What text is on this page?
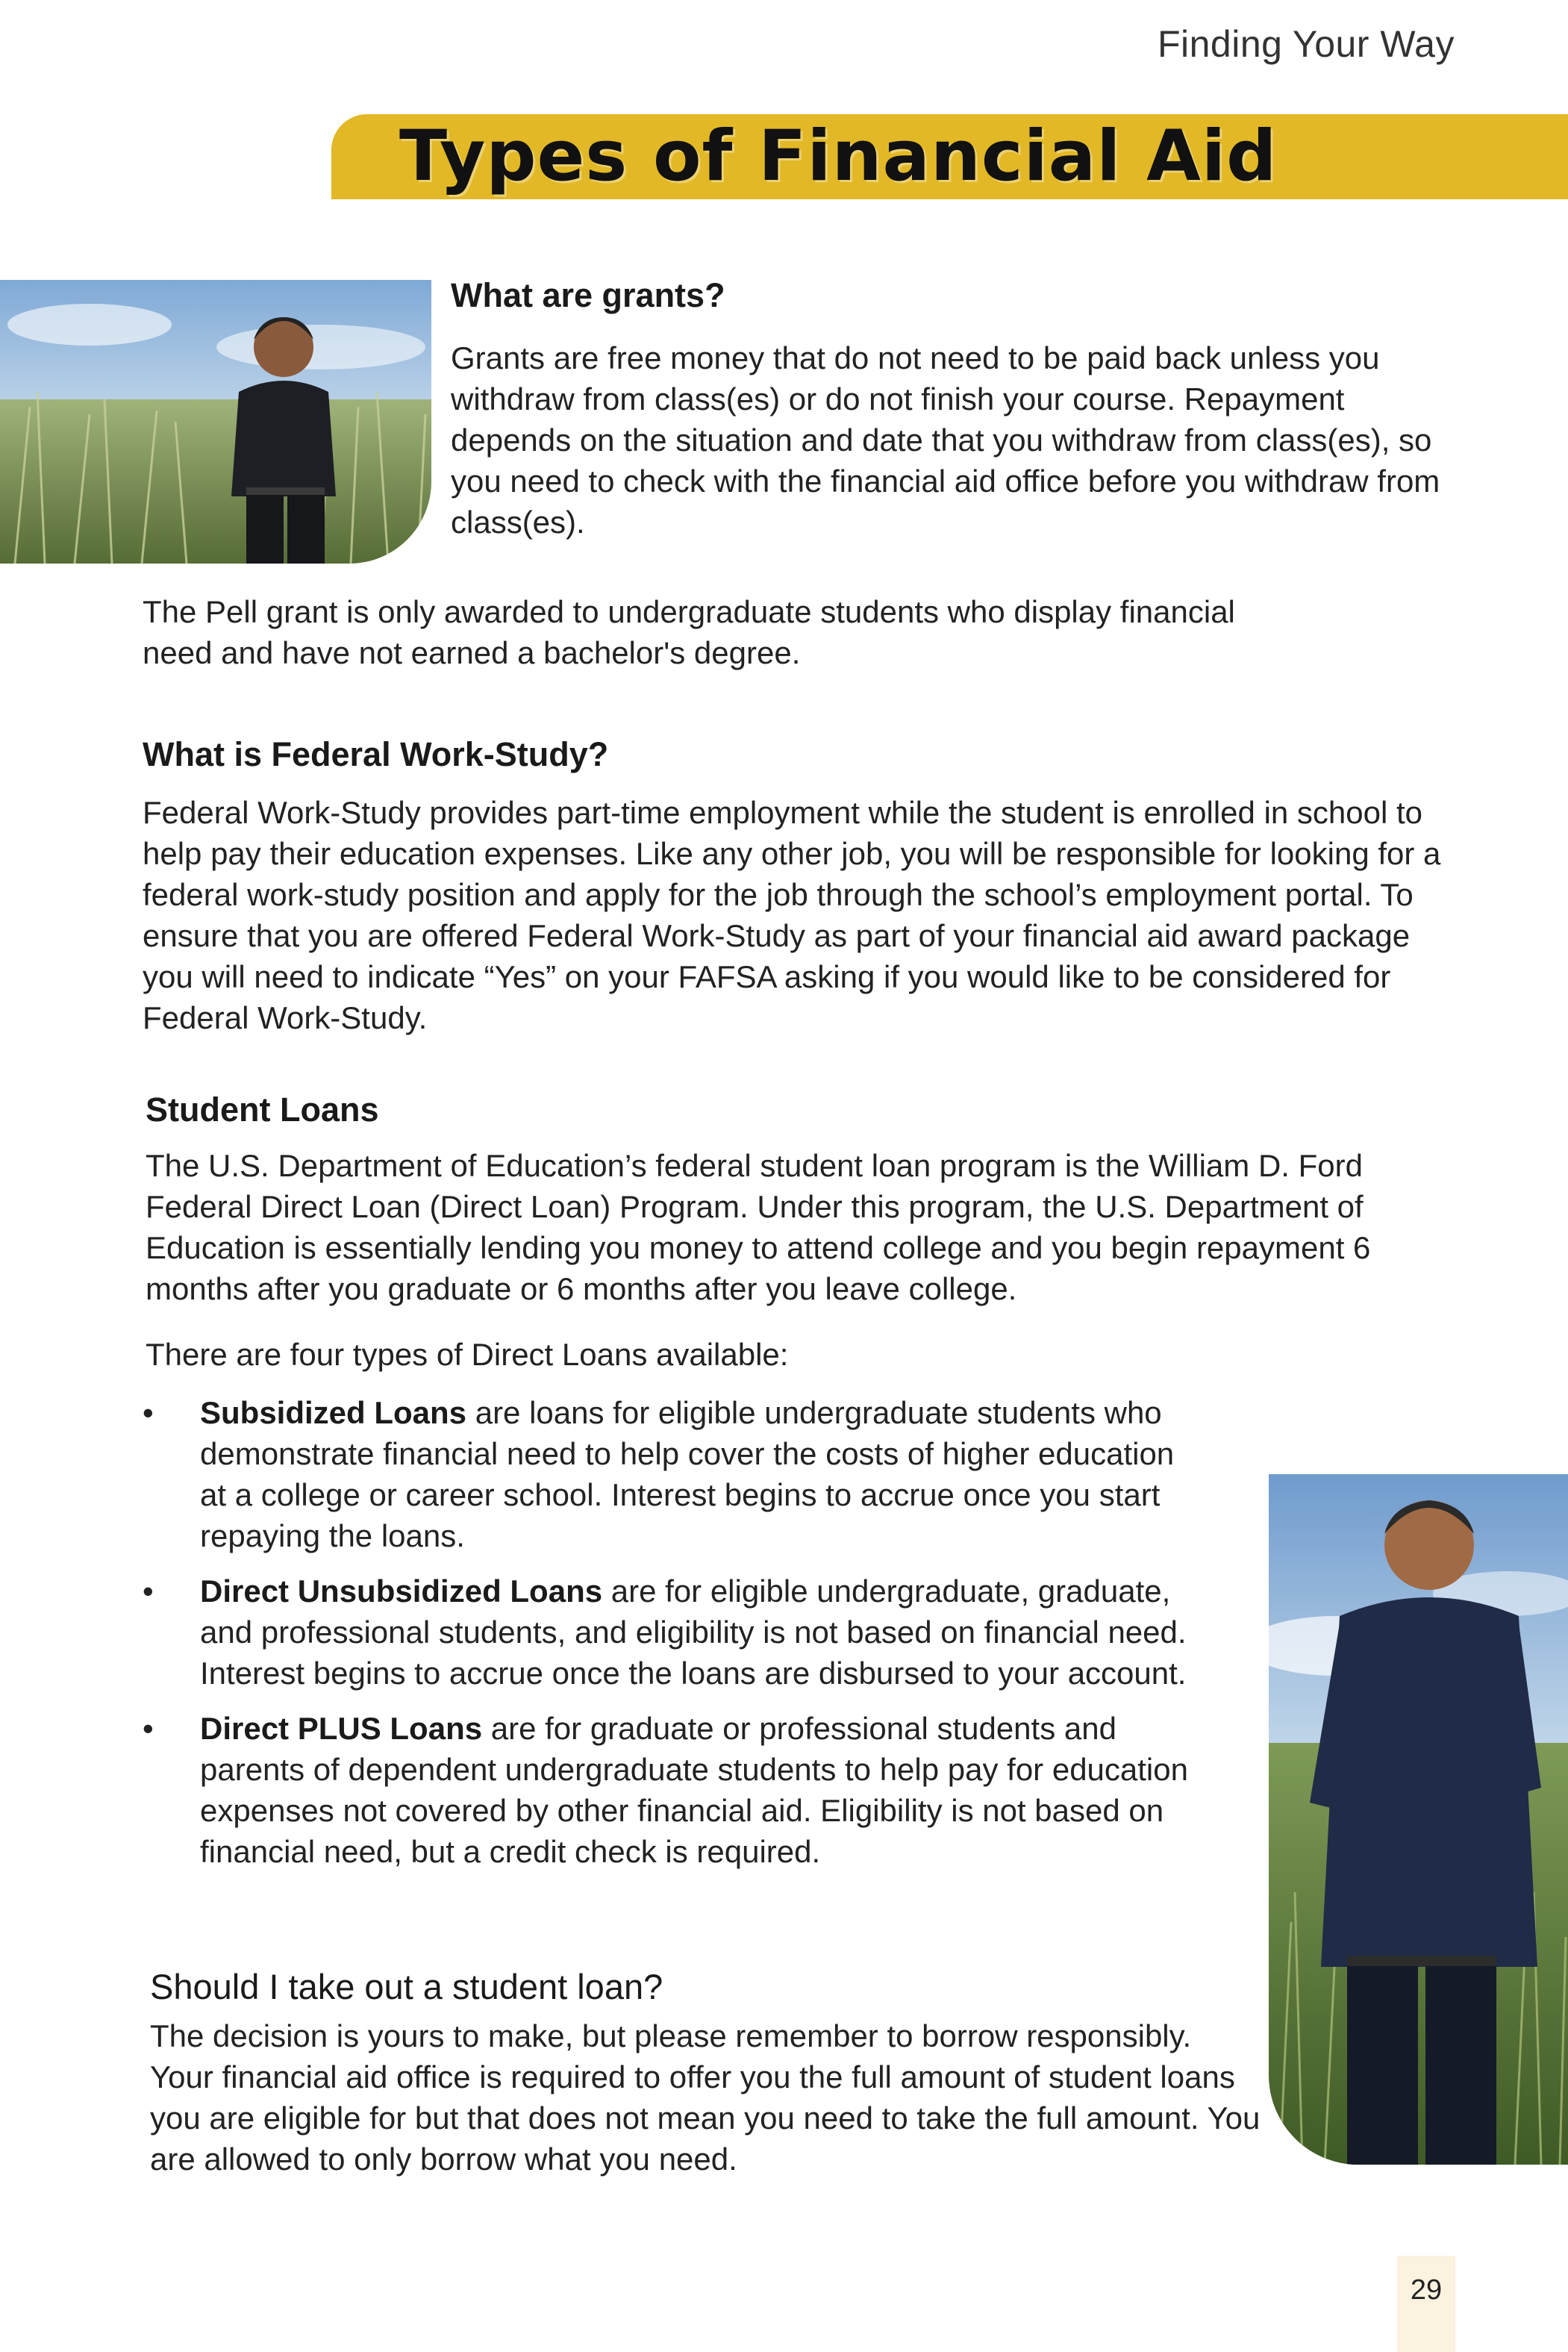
Finding Your Way
Types of Financial Aid
What are grants?

Grants are free money that do not need to be paid back unless you withdraw from class(es) or do not finish your course. Repayment depends on the situation and date that you withdraw from class(es), so you need to check with the financial aid office before you withdraw from class(es).

The Pell grant is only awarded to undergraduate students who display financial need and have not earned a bachelor's degree.

What is Federal Work-Study?

Federal Work-Study provides part-time employment while the student is enrolled in school to help pay their education expenses. Like any other job, you will be responsible for looking for a federal work-study position and apply for the job through the school’s employment portal. To ensure that you are offered Federal Work-Study as part of your financial aid award package you will need to indicate “Yes” on your FAFSA asking if you would like to be considered for Federal Work-Study.

Student Loans

The U.S. Department of Education’s federal student loan program is the William D. Ford Federal Direct Loan (Direct Loan) Program. Under this program, the U.S. Department of Education is essentially lending you money to attend college and you begin repayment 6 months after you graduate or 6 months after you leave college.

There are four types of Direct Loans available:

• Subsidized Loans are loans for eligible undergraduate students who demonstrate financial need to help cover the costs of higher education at a college or career school. Interest begins to accrue once you start repaying the loans.
• Direct Unsubsidized Loans are for eligible undergraduate, graduate, and professional students, and eligibility is not based on financial need. Interest begins to accrue once the loans are disbursed to your account.
• Direct PLUS Loans are for graduate or professional students and parents of dependent undergraduate students to help pay for education expenses not covered by other financial aid. Eligibility is not based on financial need, but a credit check is required.
Should I take out a student loan?

The decision is yours to make, but please remember to borrow responsibly. Your financial aid office is required to offer you the full amount of student loans you are eligible for but that does not mean you need to take the full amount. You are allowed to only borrow what you need.

29
